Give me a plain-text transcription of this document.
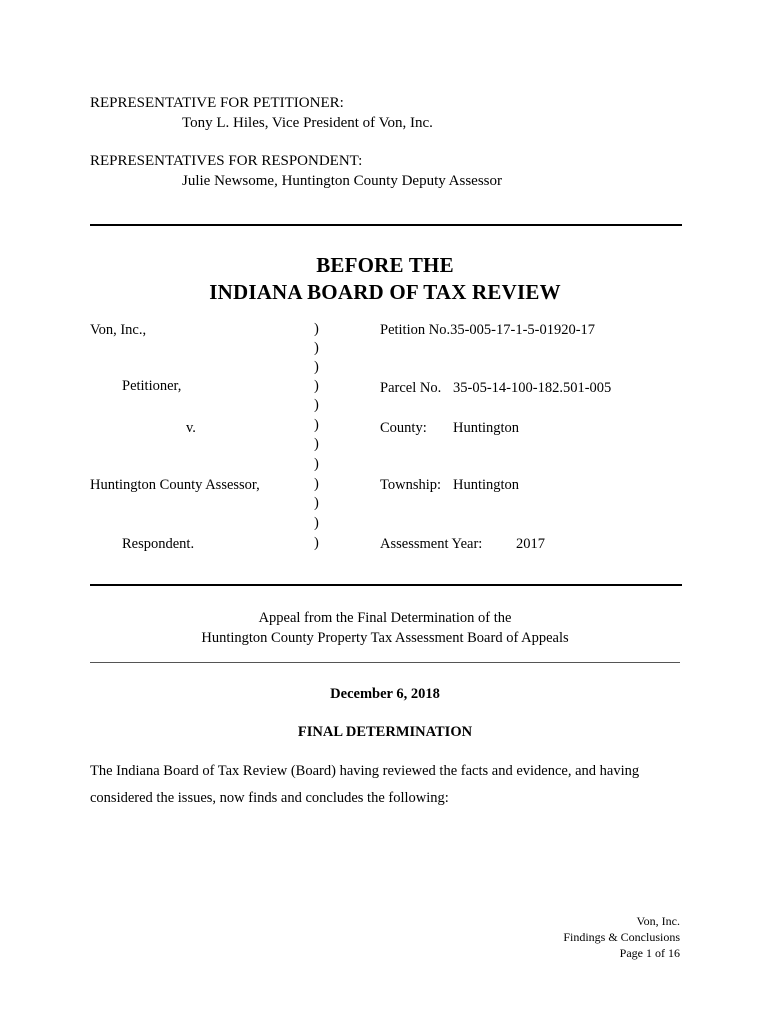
REPRESENTATIVE FOR PETITIONER:
Tony L. Hiles, Vice President of Von, Inc.
REPRESENTATIVES FOR RESPONDENT:
Julie Newsome, Huntington County Deputy Assessor
BEFORE THE
INDIANA BOARD OF TAX REVIEW
Von, Inc.,
Petitioner,
v.
Huntington County Assessor,
Respondent.
)
)
)
)
)
)
)
)
)
)
)
)
Petition No.35-005-17-1-5-01920-17
Parcel No. 35-05-14-100-182.501-005
County: Huntington
Township: Huntington
Assessment Year: 2017
Appeal from the Final Determination of the
Huntington County Property Tax Assessment Board of Appeals
December 6, 2018
FINAL DETERMINATION
The Indiana Board of Tax Review (Board) having reviewed the facts and evidence, and having
considered the issues, now finds and concludes the following:
Von, Inc.
Findings & Conclusions
Page 1 of 16
